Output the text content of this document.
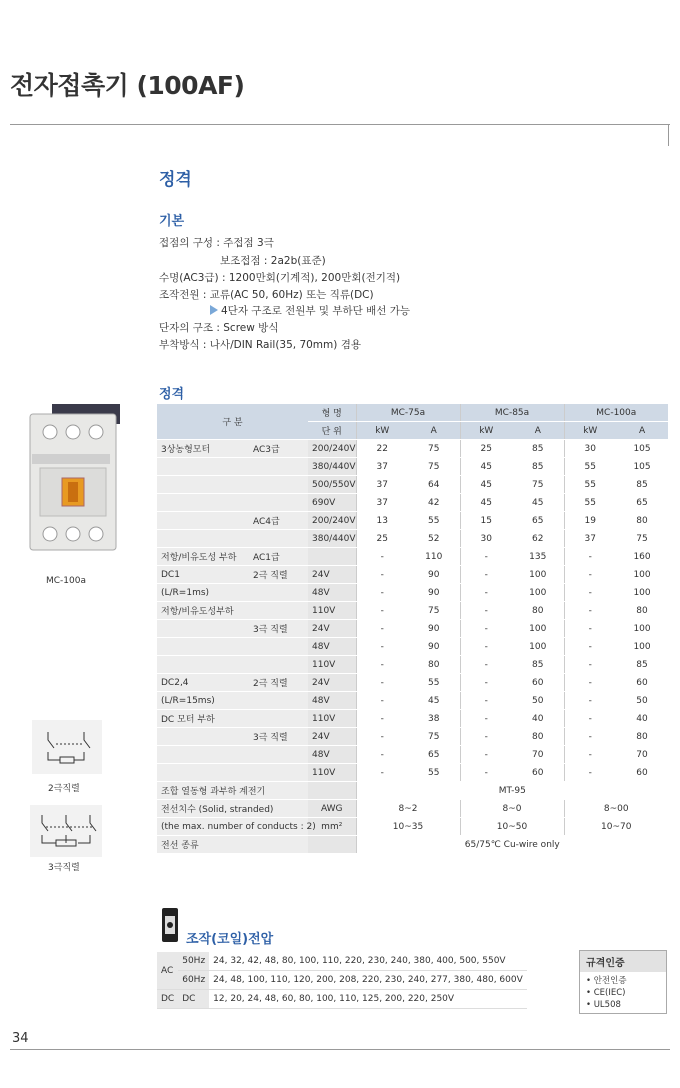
전자접촉기 (100AF)
정격
기본
접점의 구성 : 주접점 3극
보조접점 : 2a2b(표준)
수명(AC3급) : 1200만회(기계적), 200만회(전기적)
조작전원 : 교류(AC 50, 60Hz) 또는 직류(DC)
4단자 구조로 전원부 및 부하단 배선 가능
단자의 구조 : Screw 방식
부착방식 : 나사/DIN Rail(35, 70mm) 겸용
정격
MC-100a
2극직렬
3극직렬
구 분		형 명	MC-75a		MC-85a		MC-100a	
		단 위	kW	A	kW	A	kW	A
3상농형모터	AC3급	200/240V	22	75	25	85	30	105
		380/440V	37	75	45	85	55	105
		500/550V	37	64	45	75	55	85
		690V	37	42	45	45	55	65
	AC4급	200/240V	13	55	15	65	19	80
		380/440V	25	52	30	62	37	75
저항/비유도성 부하	AC1급		-	110	-	135	-	160
DC1	2극 직렬	24V	-	90	-	100	-	100
(L/R=1ms)		48V	-	90	-	100	-	100
저항/비유도성부하		110V	-	75	-	80	-	80
	3극 직렬	24V	-	90	-	100	-	100
		48V	-	90	-	100	-	100
		110V	-	80	-	85	-	85
DC2,4	2극 직렬	24V	-	55	-	60	-	60
(L/R=15ms)		48V	-	45	-	50	-	50
DC 모터 부하		110V	-	38	-	40	-	40
	3극 직렬	24V	-	75	-	80	-	80
		48V	-	65	-	70	-	70
		110V	-	55	-	60	-	60
조합 열동형 과부하 계전기			MT-95					
전선치수 (Solid, stranded)		AWG	8~2		8~0		8~00	
(the max. number of conducts : 2)		mm²	10~35		10~50		10~70	
전선 종류			65/75℃ Cu-wire only					
조작(코일)전압
AC	50Hz	24, 32, 42, 48, 80, 100, 110, 220, 230, 240, 380, 400, 500, 550V
	60Hz	24, 48, 100, 110, 120, 200, 208, 220, 230, 240, 277, 380, 480, 600V
DC	DC	12, 20, 24, 48, 60, 80, 100, 110, 125, 200, 220, 250V
규격인증
• 안전인증
• CE(IEC)
• UL508
34
